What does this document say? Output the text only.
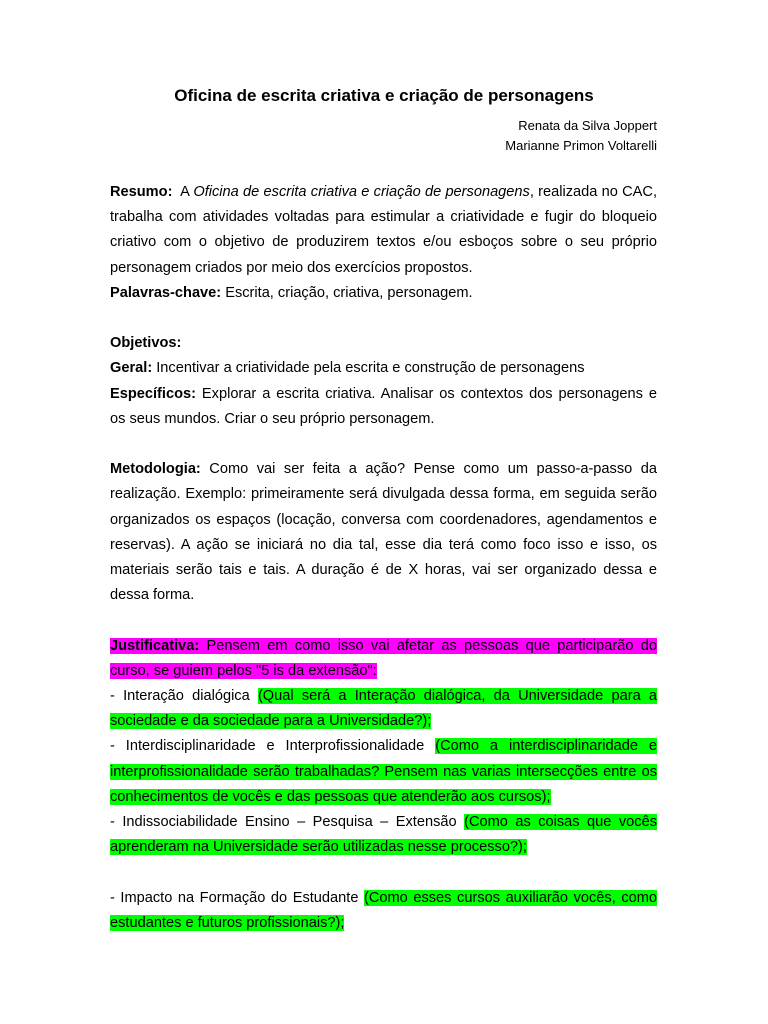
Oficina de escrita criativa e criação de personagens
Renata da Silva Joppert
Marianne Primon Voltarelli

Resumo: A Oficina de escrita criativa e criação de personagens, realizada no CAC, trabalha com atividades voltadas para estimular a criatividade e fugir do bloqueio criativo com o objetivo de produzirem textos e/ou esboços sobre o seu próprio personagem criados por meio dos exercícios propostos.

Palavras-chave: Escrita, criação, criativa, personagem.

Objetivos:

Geral: Incentivar a criatividade pela escrita e construção de personagens

Específicos: Explorar a escrita criativa. Analisar os contextos dos personagens e os seus mundos. Criar o seu próprio personagem.

Metodologia: Como vai ser feita a ação? Pense como um passo-a-passo da realização. Exemplo: primeiramente será divulgada dessa forma, em seguida serão organizados os espaços (locação, conversa com coordenadores, agendamentos e reservas). A ação se iniciará no dia tal, esse dia terá como foco isso e isso, os materiais serão tais e tais. A duração é de X horas, vai ser organizado dessa e dessa forma.

Justificativa: Pensem em como isso vai afetar as pessoas que participarão do curso, se guiem pelos "5 is da extensão":

- Interação dialógica (Qual será a Interação dialógica, da Universidade para a sociedade e da sociedade para a Universidade?);

- Interdisciplinaridade e Interprofissionalidade (Como a interdisciplinaridade e interprofissionalidade serão trabalhadas? Pensem nas varias intersecções entre os conhecimentos de vocês e das pessoas que atenderão aos cursos);

- Indissociabilidade Ensino – Pesquisa – Extensão (Como as coisas que vocês aprenderam na Universidade serão utilizadas nesse processo?);

- Impacto na Formação do Estudante (Como esses cursos auxiliarão vocês, como estudantes e futuros profissionais?);
